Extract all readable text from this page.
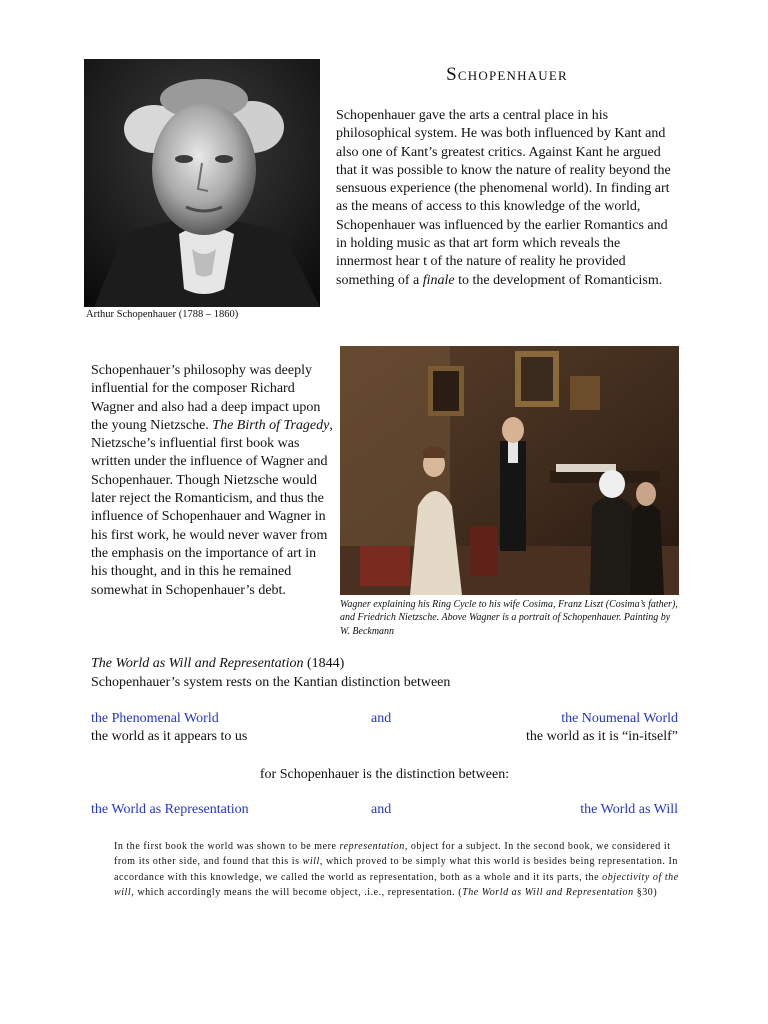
Arthur Schopenhauer (1788 – 1860)
Schopenhauer
Schopenhauer gave the arts a central place in his philosophical system. He was both influenced by Kant and also one of Kant’s greatest critics. Against Kant he argued that it was possible to know the nature of reality beyond the sensuous experience (the phenomenal world). In finding art as the means of access to this knowledge of the world, Schopenhauer was influenced by the earlier Romantics and in holding music as that art form which reveals the innermost hear t of the nature of reality he provided something of a finale to the development of Romanticism.
Schopenhauer’s philosophy was deeply influential for the composer Richard Wagner and also had a deep impact upon the young Nietzsche. The Birth of Tragedy, Nietzsche’s influential first book was written under the influence of Wagner and Schopenhauer. Though Nietzsche would later reject the Romanticism, and thus the influence of Schopenhauer and Wagner in his first work, he would never waver from the emphasis on the importance of art in his thought, and in this he remained somewhat in Schopenhauer’s debt.
Wagner explaining his Ring Cycle to his wife Cosima, Franz Liszt (Cosima’s father), and Friedrich Nietzsche. Above Wagner is a portrait of Schopenhauer. Painting by W. Beckmann
The World as Will and Representation (1844)
Schopenhauer’s system rests on the Kantian distinction between
the Phenomenal World	and	the Noumenal World
the world as it appears to us	the world as it is “in-itself”
for Schopenhauer is the distinction between:
the World as Representation	and	the World as Will
In the first book the world was shown to be mere representation, object for a subject. In the second book, we considered it from its other side, and found that this is will, which proved to be simply what this world is besides being representation. In accordance with this knowledge, we called the world as representation, both as a whole and it its parts, the objectivity of the will, which accordingly means the will become object, .i.e., representation. (The World as Will and Representation §30)
